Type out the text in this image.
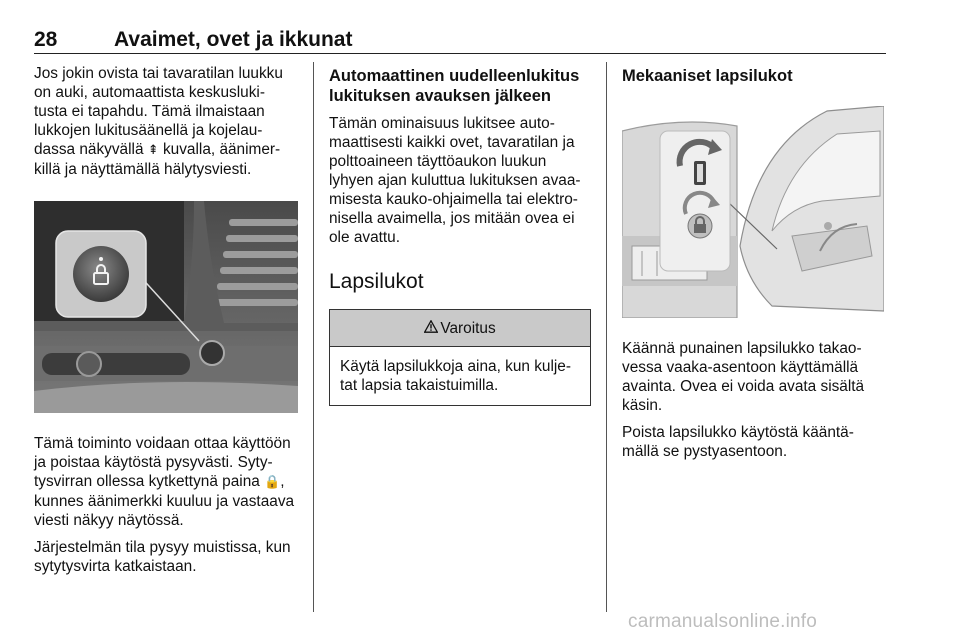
28	Avaimet, ovet ja ikkunat

Jos jokin ovista tai tavaratilan luukku on auki, automaattista keskusluki-tusta ei tapahdu. Tämä ilmaistaan lukkojen lukitusäänellä ja kojelau-dassa näkyvällä ⇞ kuvalla, äänimer-killä ja näyttämällä hälytysviesti.

Tämä toiminto voidaan ottaa käyttöön ja poistaa käytöstä pysyvästi. Syty-tysvirran ollessa kytkettynä paina 🔒, kunnes äänimerkki kuuluu ja vastaava viesti näkyy näytössä.

Järjestelmän tila pysyy muistissa, kun sytytysvirta katkaistaan.

Automaattinen uudelleenlukitus lukituksen avauksen jälkeen

Tämän ominaisuus lukitsee auto-maattisesti kaikki ovet, tavaratilan ja polttoaineen täyttöaukon luukun lyhyen ajan kuluttua lukituksen avaa-misesta kauko-ohjaimella tai elektro-nisella avaimella, jos mitään ovea ei ole avattu.

Lapsilukot
Varoitus
Käytä lapsilukkoja aina, kun kulje-tat lapsia takaistuimilla.
Mekaaniset lapsilukot

Käännä punainen lapsilukko takao-vessa vaaka-asentoon käyttämällä avainta. Ovea ei voida avata sisältä käsin.

Poista lapsilukko käytöstä kääntä-mällä se pystyasentoon.

carmanualsonline.info
